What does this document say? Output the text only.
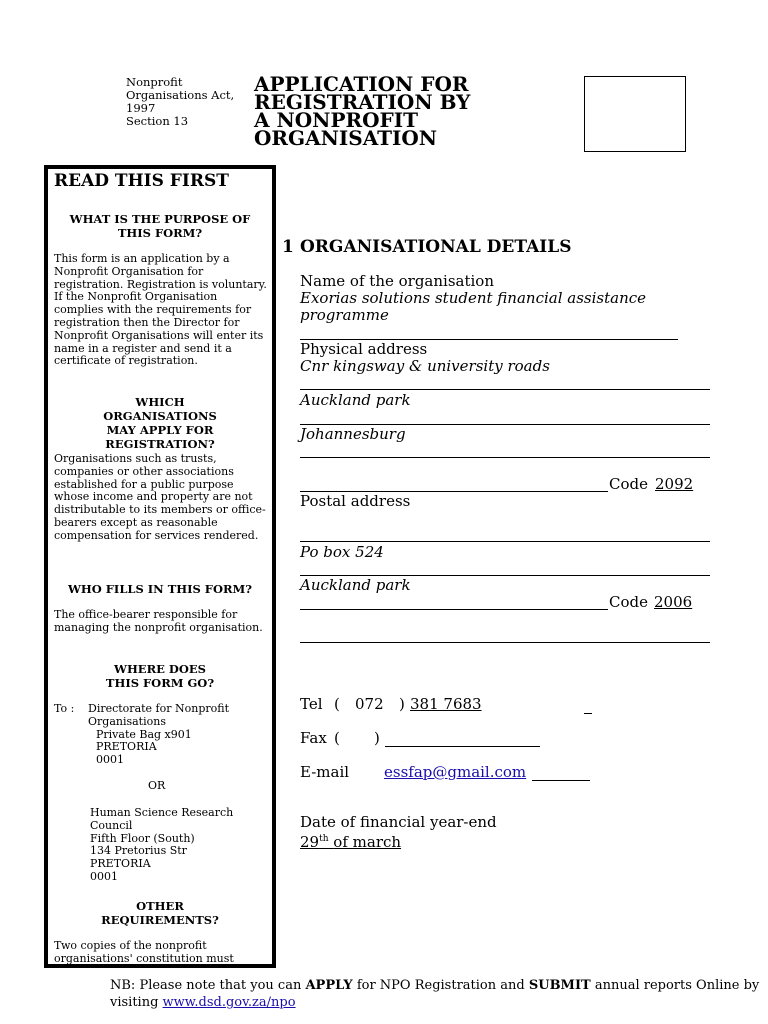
Nonprofit
Organisations Act,
1997
Section 13
APPLICATION FOR
REGISTRATION BY
A NONPROFIT
ORGANISATION
READ THIS FIRST
WHAT IS THE PURPOSE OF THIS FORM?
This form is an application by a Nonprofit Organisation for registration. Registration is voluntary. If the Nonprofit Organisation complies with the requirements for registration then the Director for Nonprofit Organisations will enter its name in a register and send it a certificate of registration.
WHICH ORGANISATIONS MAY APPLY FOR REGISTRATION?
Organisations such as trusts, companies or other associations established for a public purpose whose income and property are not distributable to its members or office-bearers except as reasonable compensation for services rendered.
WHO FILLS IN THIS FORM?
The office-bearer responsible for managing the nonprofit organisation.
WHERE DOES THIS FORM GO?
To :	Directorate for Nonprofit
Organisations
Private Bag x901
PRETORIA
0001
OR
Human Science Research
Council
Fifth Floor (South)
134 Pretorius Str
PRETORIA
0001
OTHER REQUIREMENTS?
Two copies of the nonprofit organisations' constitution must
1 ORGANISATIONAL DETAILS
Name of the organisation
Exorias solutions student financial assistance
programme
Physical address
Cnr kingsway & university roads
Auckland park
Johannesburg
Code 2092
Postal address
Po box 524
Auckland park
Code 2006
Tel ( 072 ) 381 7683
Fax ( )
E-mail essfap@gmail.com
Date of financial year-end
29th of march
NB: Please note that you can APPLY for NPO Registration and SUBMIT annual reports Online by visiting www.dsd.gov.za/npo
